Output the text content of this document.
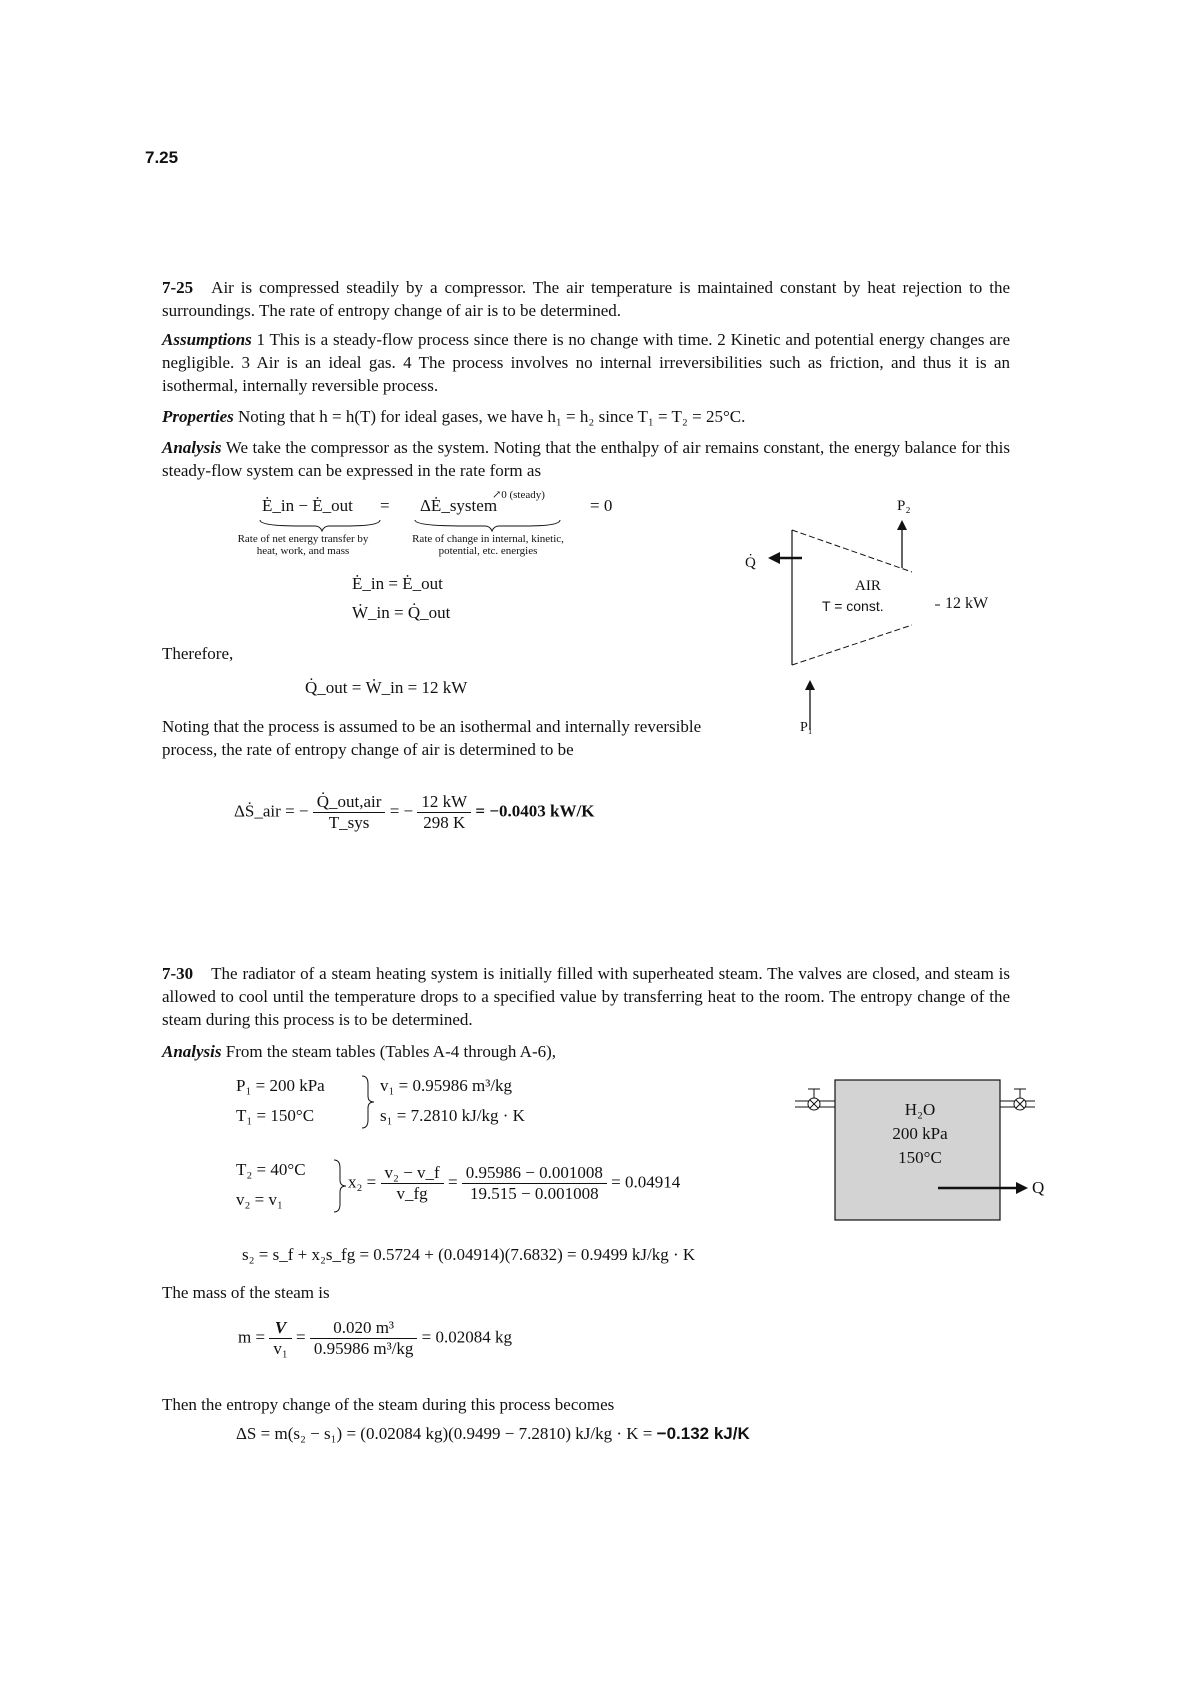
7.25
7-25 Air is compressed steadily by a compressor. The air temperature is maintained constant by heat rejection to the surroundings. The rate of entropy change of air is to be determined.
Assumptions 1 This is a steady-flow process since there is no change with time. 2 Kinetic and potential energy changes are negligible. 3 Air is an ideal gas. 4 The process involves no internal irreversibilities such as friction, and thus it is an isothermal, internally reversible process.
Properties Noting that h = h(T) for ideal gases, we have h₁ = h₂ since T₁ = T₂ = 25°C.
Analysis We take the compressor as the system. Noting that the enthalpy of air remains constant, the energy balance for this steady-flow system can be expressed in the rate form as
Ė_in − Ė_out = ΔĖ_system
↗0 (steady)
= 0
Rate of net energy transfer by heat, work, and mass
Rate of change in internal, kinetic, potential, etc. energies
Ė_in = Ė_out
Ẇ_in = Q̇_out
Therefore,
Q̇_out = Ẇ_in = 12 kW
Noting that the process is assumed to be an isothermal and internally reversible process, the rate of entropy change of air is determined to be
ΔṠ_air = − $\frac{\text{Q̇\_out,air}}{\text{T\_sys}}$ = − $\frac{12 kW}{298 K} = -0.0403$ kW/K
P₂
Q̇
AIR
T = const.	12 kW
P₁
7-30 The radiator of a steam heating system is initially filled with superheated steam. The valves are closed, and steam is allowed to cool until the temperature drops to a specified value by transferring heat to the room. The entropy change of the steam during this process is to be determined.
Analysis From the steam tables (Tables A-4 through A-6),
P₁ = 200 kPa
T₁ = 150°C
v₁ = 0.95986 m³/kg
s₁ = 7.2810 kJ/kg · K
T₂ = 40°C
v₂ = v₁
$x_2 = \frac{\text{v₂ − v\_f}}{v\_fg} = \frac{0.95986 - 0.001008}{19.515 - 0.001008} = 0.04914$
s₂ = s_f + x₂s_fg = 0.5724 + (0.04914)(7.6832) = 0.9499 kJ/kg · K
The mass of the steam is
$m = \frac{V}{\text{v₁}} = \frac{\text{0.020 m³}}{\text{0.95986 m³/kg}} = 0.02084$ kg
Then the entropy change of the steam during this process becomes
ΔS = m(s₂ − s₁) = (0.02084 kg)(0.9499 − 7.2810) kJ/kg · K = −0.132 kJ/K
H₂O
200 kPa
150°C
Q
